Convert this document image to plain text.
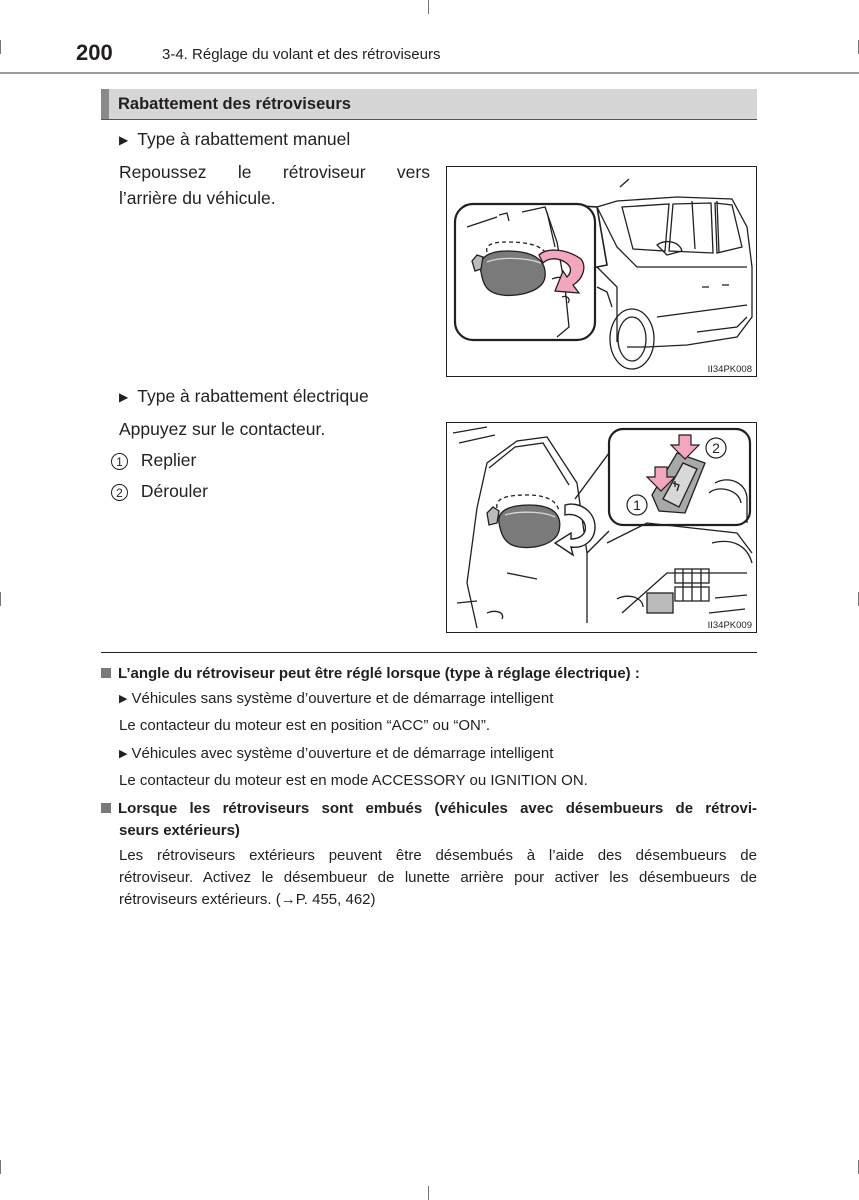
200	3-4. Réglage du volant et des rétroviseurs
Rabattement des rétroviseurs
▶ Type à rabattement manuel
Repoussez le rétroviseur vers
l’arrière du véhicule.
II34PK008
▶ Type à rabattement électrique
Appuyez sur le contacteur.
1 Replier
2 Dérouler
2
1
II34PK009
L’angle du rétroviseur peut être réglé lorsque (type à réglage électrique) :
▶ Véhicules sans système d’ouverture et de démarrage intelligent
Le contacteur du moteur est en position “ACC” ou “ON”.
▶ Véhicules avec système d’ouverture et de démarrage intelligent
Le contacteur du moteur est en mode ACCESSORY ou IGNITION ON.
Lorsque les rétroviseurs sont embués (véhicules avec désembueurs de rétrovi-
seurs extérieurs)
Les rétroviseurs extérieurs peuvent être désembués à l’aide des désembueurs de
rétroviseur. Activez le désembueur de lunette arrière pour activer les désembueurs de
rétroviseurs extérieurs. (→P. 455, 462)
